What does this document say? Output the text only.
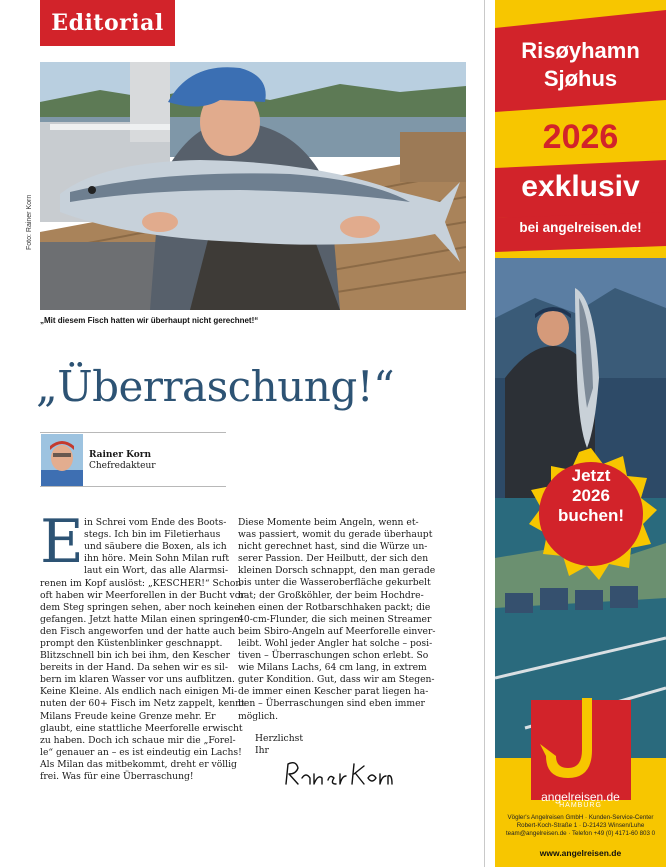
Editorial
Foto: Rainer Korn
„Mit diesem Fisch hatten wir überhaupt nicht gerechnet!“
„Überraschung!“
Rainer Korn
Chefredakteur
E in Schrei vom Ende des Boots-
stegs. Ich bin im Filetierhaus
und säubere die Boxen, als ich
ihn höre. Mein Sohn Milan ruft
laut ein Wort, das alle Alarmsi-
renen im Kopf auslöst: „KESCHER!“ Schon
oft haben wir Meerforellen in der Bucht vor
dem Steg springen sehen, aber noch keine
gefangen. Jetzt hatte Milan einen springen-
den Fisch angeworfen und der hatte auch
prompt den Küstenblinker geschnappt.
Blitzschnell bin ich bei ihm, den Kescher
bereits in der Hand. Da sehen wir es sil-
bern im klaren Wasser vor uns aufblitzen.
Keine Kleine. Als endlich nach einigen Mi-
nuten der 60+ Fisch im Netz zappelt, kennt
Milans Freude keine Grenze mehr. Er
glaubt, eine stattliche Meerforelle erwischt
zu haben. Doch ich schaue mir die „Forel-
le“ genauer an – es ist eindeutig ein Lachs!
Als Milan das mitbekommt, dreht er völlig
frei. Was für eine Überraschung!
Diese Momente beim Angeln, wenn et-
was passiert, womit du gerade überhaupt
nicht gerechnet hast, sind die Würze un-
serer Passion. Der Heilbutt, der sich den
kleinen Dorsch schnappt, den man gerade
bis unter die Wasseroberfläche gekurbelt
hat; der Großköhler, der beim Hochdre-
hen einen der Rotbarschhaken packt; die
40-cm-Flunder, die sich meinen Streamer
beim Sbiro-Angeln auf Meerforelle einver-
leibt. Wohl jeder Angler hat solche – posi-
tiven – Überraschungen schon erlebt. So
wie Milans Lachs, 64 cm lang, in extrem
guter Kondition. Gut, dass wir am Stegen-
de immer einen Kescher parat liegen ha-
ben – Überraschungen sind eben immer
möglich.
Herzlichst
Ihr
Risøyhamn
Sjøhus
2026
exklusiv
bei angelreisen.de!
Jetzt
2026
buchen!
angelreisen.de
HAMBURG
Vögler's Angelreisen GmbH · Kunden-Service-Center
Robert-Koch-Straße 1 · D-21423 Winsen/Luhe
team@angelreisen.de · Telefon +49 (0) 4171-60 803 0
www.angelreisen.de
